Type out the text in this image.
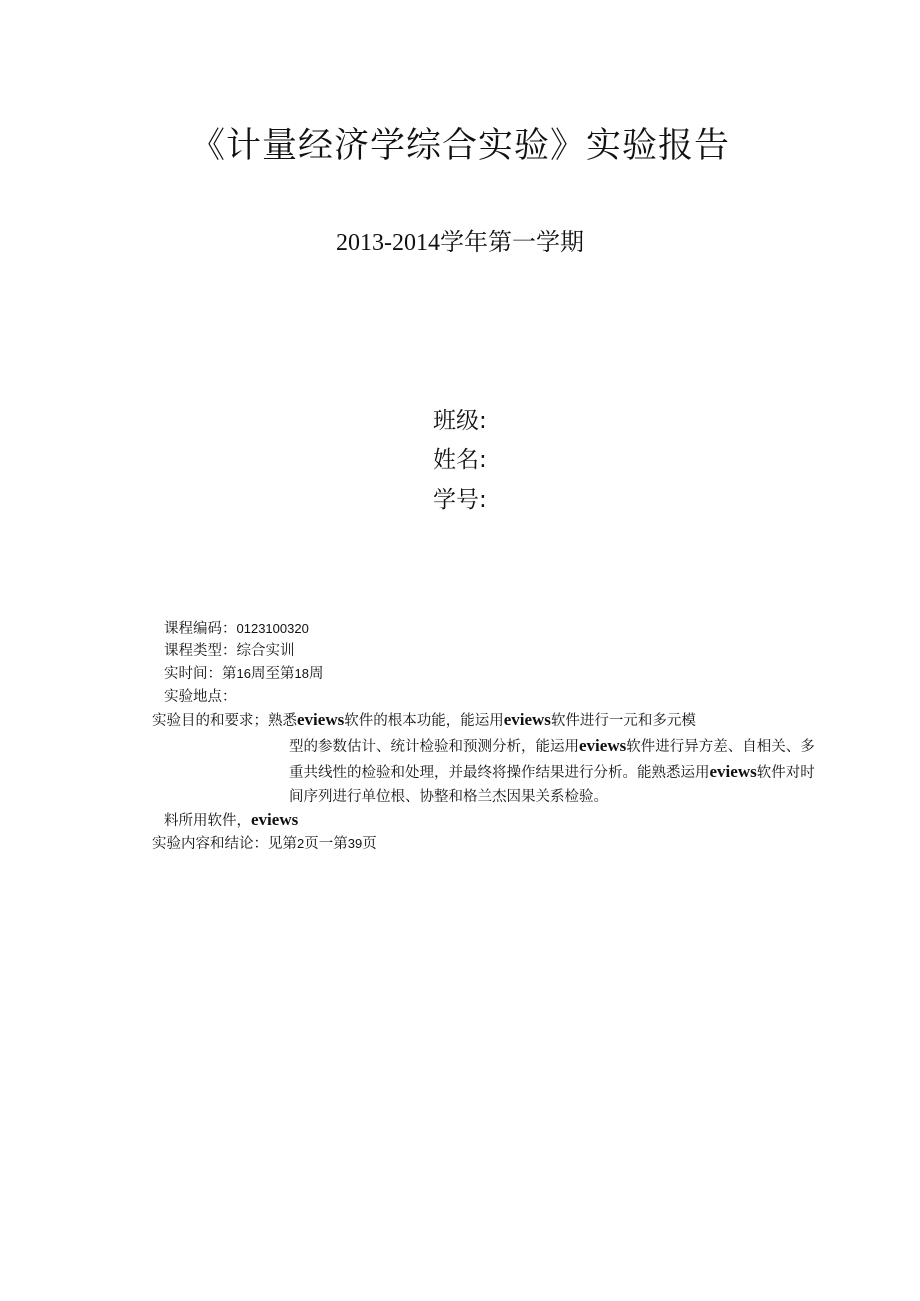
《计量经济学综合实验》实验报告
2013-2014学年第一学期
班级:
姓名:
学号:
课程编码：0123100320
课程类型：综合实训
实时间：第16周至第18周
实验地点：
实验目的和要求；熟悉eviews软件的根本功能，能运用eviews软件进行一元和多元模
型的参数估计、统计检验和预测分析，能运用eviews软件进行异方差、自相关、多
重共线性的检验和处理，并最终将操作结果进行分析。能熟悉运用eviews软件对时
间序列进行单位根、协整和格兰杰因果关系检验。
料所用软件，eviews
实验内容和结论：见第2页一第39页
